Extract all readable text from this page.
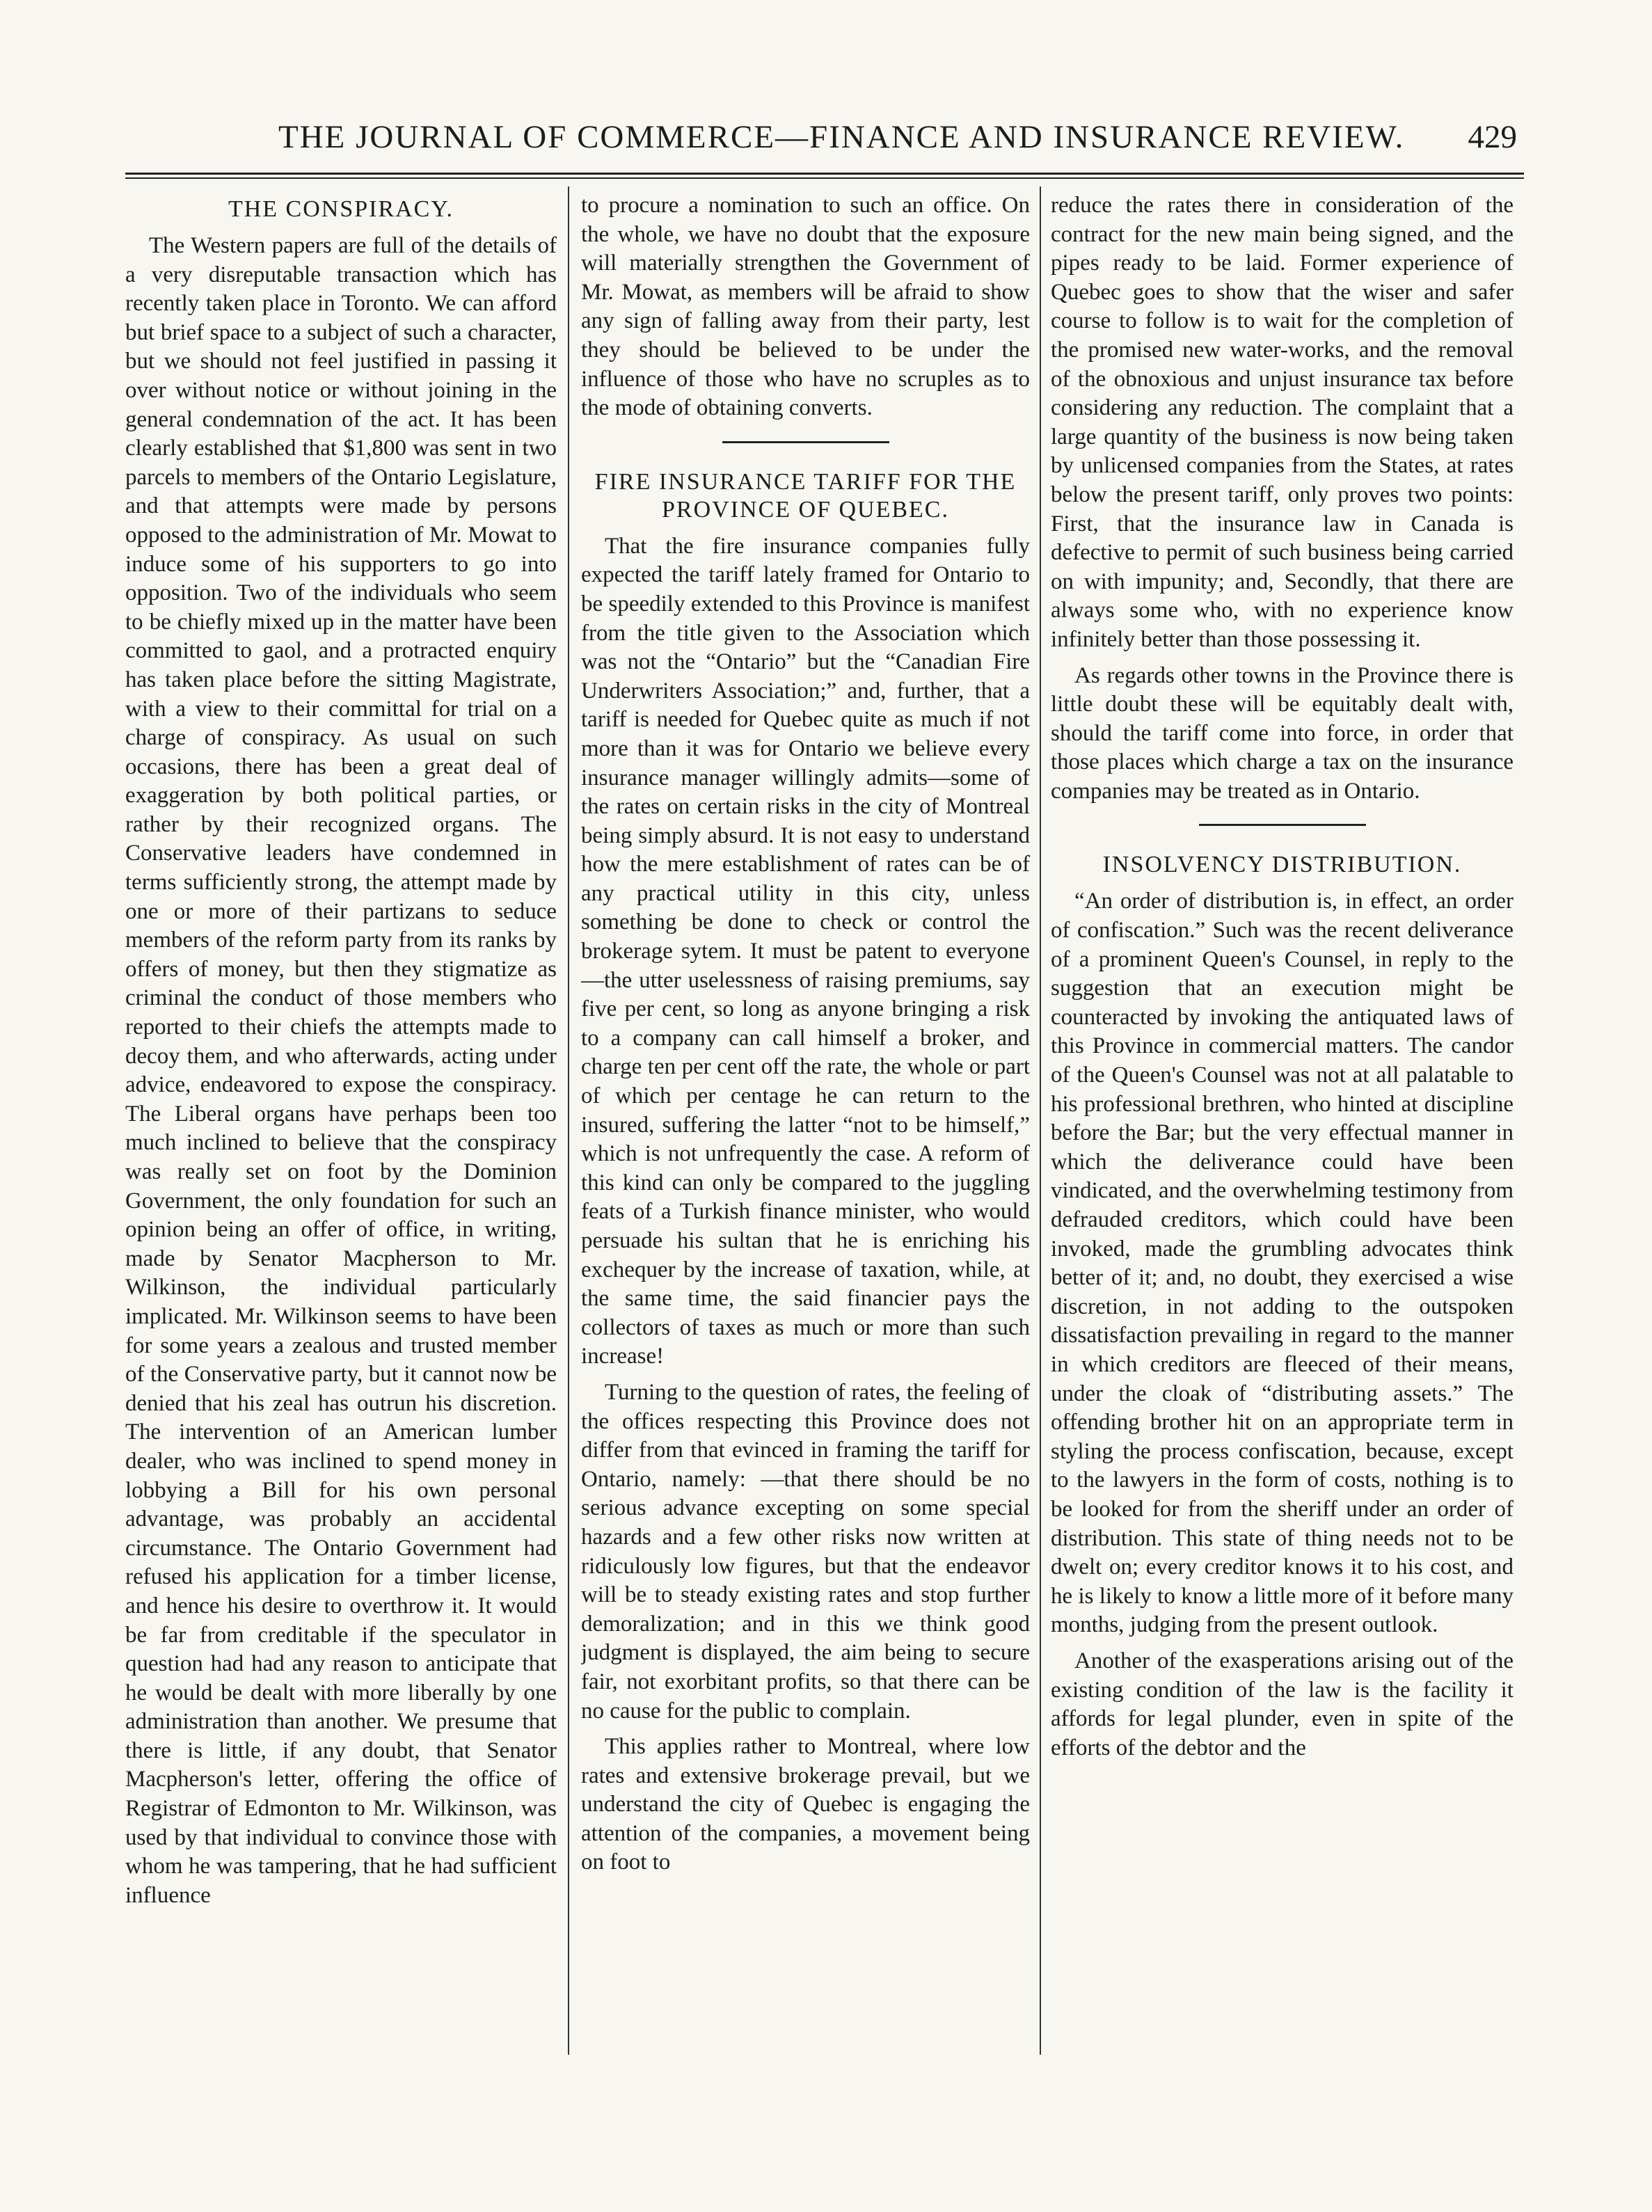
THE JOURNAL OF COMMERCE—FINANCE AND INSURANCE REVIEW.	429
THE CONSPIRACY.

The Western papers are full of the details of a very disreputable transaction which has recently taken place in Toronto. We can afford but brief space to a subject of such a character, but we should not feel justified in passing it over without notice or without joining in the general condemnation of the act. It has been clearly established that $1,800 was sent in two parcels to members of the Ontario Legislature, and that attempts were made by persons opposed to the administration of Mr. Mowat to induce some of his supporters to go into opposition. Two of the individuals who seem to be chiefly mixed up in the matter have been committed to gaol, and a protracted enquiry has taken place before the sitting Magistrate, with a view to their committal for trial on a charge of conspiracy. As usual on such occasions, there has been a great deal of exaggeration by both political parties, or rather by their recognized organs. The Conservative leaders have condemned in terms sufficiently strong, the attempt made by one or more of their partizans to seduce members of the reform party from its ranks by offers of money, but then they stigmatize as criminal the conduct of those members who reported to their chiefs the attempts made to decoy them, and who afterwards, acting under advice, endeavored to expose the conspiracy. The Liberal organs have perhaps been too much inclined to believe that the conspiracy was really set on foot by the Dominion Government, the only foundation for such an opinion being an offer of office, in writing, made by Senator Macpherson to Mr. Wilkinson, the individual particularly implicated. Mr. Wilkinson seems to have been for some years a zealous and trusted member of the Conservative party, but it cannot now be denied that his zeal has outrun his discretion. The intervention of an American lumber dealer, who was inclined to spend money in lobbying a Bill for his own personal advantage, was probably an accidental circumstance. The Ontario Government had refused his application for a timber license, and hence his desire to overthrow it. It would be far from creditable if the speculator in question had had any reason to anticipate that he would be dealt with more liberally by one administration than another. We presume that there is little, if any doubt, that Senator Macpherson's letter, offering the office of Registrar of Edmonton to Mr. Wilkinson, was used by that individual to convince those with whom he was tampering, that he had sufficient influence

to procure a nomination to such an office. On the whole, we have no doubt that the exposure will materially strengthen the Government of Mr. Mowat, as members will be afraid to show any sign of falling away from their party, lest they should be believed to be under the influence of those who have no scruples as to the mode of obtaining converts.

FIRE INSURANCE TARIFF FOR THE PROVINCE OF QUEBEC.

That the fire insurance companies fully expected the tariff lately framed for Ontario to be speedily extended to this Province is manifest from the title given to the Association which was not the “Ontario” but the “Canadian Fire Underwriters Association;” and, further, that a tariff is needed for Quebec quite as much if not more than it was for Ontario we believe every insurance manager willingly admits—some of the rates on certain risks in the city of Montreal being simply absurd. It is not easy to understand how the mere establishment of rates can be of any practical utility in this city, unless something be done to check or control the brokerage sytem. It must be patent to everyone—the utter uselessness of raising premiums, say five per cent, so long as anyone bringing a risk to a company can call himself a broker, and charge ten per cent off the rate, the whole or part of which per centage he can return to the insured, suffering the latter “not to be himself,” which is not unfrequently the case. A reform of this kind can only be compared to the juggling feats of a Turkish finance minister, who would persuade his sultan that he is enriching his exchequer by the increase of taxation, while, at the same time, the said financier pays the collectors of taxes as much or more than such increase!

Turning to the question of rates, the feeling of the offices respecting this Province does not differ from that evinced in framing the tariff for Ontario, namely: —that there should be no serious advance excepting on some special hazards and a few other risks now written at ridiculously low figures, but that the endeavor will be to steady existing rates and stop further demoralization; and in this we think good judgment is displayed, the aim being to secure fair, not exorbitant profits, so that there can be no cause for the public to complain.

This applies rather to Montreal, where low rates and extensive brokerage prevail, but we understand the city of Quebec is engaging the attention of the companies, a movement being on foot to

reduce the rates there in consideration of the contract for the new main being signed, and the pipes ready to be laid. Former experience of Quebec goes to show that the wiser and safer course to follow is to wait for the completion of the promised new water-works, and the removal of the obnoxious and unjust insurance tax before considering any reduction. The complaint that a large quantity of the business is now being taken by unlicensed companies from the States, at rates below the present tariff, only proves two points: First, that the insurance law in Canada is defective to permit of such business being carried on with impunity; and, Secondly, that there are always some who, with no experience know infinitely better than those possessing it.

As regards other towns in the Province there is little doubt these will be equitably dealt with, should the tariff come into force, in order that those places which charge a tax on the insurance companies may be treated as in Ontario.

INSOLVENCY DISTRIBUTION.

“An order of distribution is, in effect, an order of confiscation.” Such was the recent deliverance of a prominent Queen's Counsel, in reply to the suggestion that an execution might be counteracted by invoking the antiquated laws of this Province in commercial matters. The candor of the Queen's Counsel was not at all palatable to his professional brethren, who hinted at discipline before the Bar; but the very effectual manner in which the deliverance could have been vindicated, and the overwhelming testimony from defrauded creditors, which could have been invoked, made the grumbling advocates think better of it; and, no doubt, they exercised a wise discretion, in not adding to the outspoken dissatisfaction prevailing in regard to the manner in which creditors are fleeced of their means, under the cloak of “distributing assets.” The offending brother hit on an appropriate term in styling the process confiscation, because, except to the lawyers in the form of costs, nothing is to be looked for from the sheriff under an order of distribution. This state of thing needs not to be dwelt on; every creditor knows it to his cost, and he is likely to know a little more of it before many months, judging from the present outlook.

Another of the exasperations arising out of the existing condition of the law is the facility it affords for legal plunder, even in spite of the efforts of the debtor and the
